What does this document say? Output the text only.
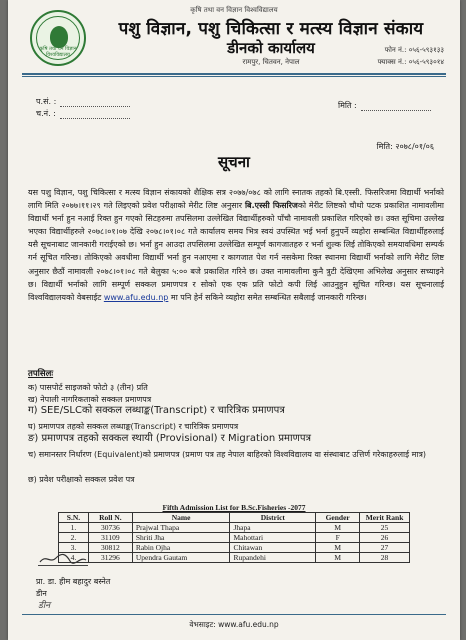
कृषि तथा वन विज्ञान विश्वविद्यालय
कृषि तथा वन विज्ञान विश्वविद्यालय
पशु विज्ञान, पशु चिकित्सा र मत्स्य विज्ञान संकाय
डीनको कार्यालय
रामपुर, चितवन, नेपाल
फोन नं.: ०५६-५९३१३३
फ्याक्स नं.: ०५६-५९३०१४
प.सं. :
च.नं. :
मिति :
मिति: २०७८/०१/०६
सूचना
यस पशु विज्ञान, पशु चिकित्सा र मत्स्य विज्ञान संकायको शैक्षिक सत्र २०७७/०७८ को लागि स्नातक तहको बि.एस्सी. फिसरिजमा विद्यार्थी भर्नाको लागि मिति २०७७।११।२९ गते लिइएको प्रवेश परीक्षाको मेरीट लिष्ट अनुसार बि.एस्सी फिसरिजको मेरीट लिष्टको चौथो पटक प्रकाशित नामावलीमा विद्यार्थी भर्ना हुन नआई रिक्त हुन गएको सिटहरुमा तपसिलमा उल्लेखित विद्यार्थीहरुको पाँचौ नामावली प्रकाशित गरिएको छ। उक्त सूचिमा उल्लेख भएका विद्यार्थीहरुले २०७८।०१।०७ देखि २०७८।०१।०८ गते कार्यालय समय भित्र स्वयं उपस्थित भई भर्ना हुनुपर्ने व्यहोरा सम्बन्धित विद्यार्थीहरुलाई यसै सूचनाबाट जानकारी गराईएको छ। भर्ना हुन आउदा तपसिलमा उल्लेखित सम्पूर्ण कागजातहरु र भर्ना शुल्क लिई तोकिएको समयावधिमा सम्पर्क गर्न सूचित गरिन्छ। तोकिएको अवधीमा विद्यार्थी भर्ना हुन नआएमा र कागजात पेश गर्न नसकेमा रिक्त स्थानमा विद्यार्थी भर्नाको लागि मेरीट लिष्ट अनुसार छैठौं नामावली २०७८।०१।०८ गते बेलुका ५:०० बजे प्रकाशित गरिने छ। उक्त नामावलीमा कुनै त्रुटी देखिएमा अभिलेख अनुसार सच्याइने छ। विद्यार्थी भर्नाको लागि सम्पूर्ण सक्कल प्रमाणपत्र र सोको एक एक प्रति फोटो कपी लिई आउनुहुन सूचित गरिन्छ। यस सूचनालाई विश्वविद्यालयको वेबसाईट www.afu.edu.np मा पनि हेर्न सकिने व्यहोरा समेत सम्बन्धित सबैलाई जानकारी गरिन्छ।
तपसिलः
क) पासपोर्ट साइजको फोटो ३ (तीन) प्रति
ख) नेपाली नागरिकताको सक्कल प्रमाणपत्र
ग) SEE/SLCको सक्कल लब्धाङ्क(Transcript) र चारित्रिक प्रमाणपत्र
घ) प्रमाणपत्र तहको सक्कल लब्धाङ्क(Transcript) र चारित्रिक प्रमाणपत्र
ङ) प्रमाणपत्र तहको सक्कल स्थायी (Provisional) र Migration प्रमाणपत्र
च) समानस्तर निर्धारण (Equivalent)को प्रमाणपत्र (प्रमाण पत्र तह नेपाल बाहिरको विश्वविद्यालय वा संस्थाबाट उत्तिर्ण गरेकाहरुलाई मात्र)
छ) प्रवेश परीक्षाको सक्कल प्रवेश पत्र
Fifth Admission List for B.Sc.Fisheries -2077
S.N.	Roll N.	Name	District	Gender	Merit Rank
1.	30736	Prajwal Thapa	Jhapa	M	25
2.	31109	Shriti Jha	Mahottari	F	26
3.	30812	Rabin Ojha	Chitawan	M	27
4.	31296	Upendra Gautam	Rupandehi	M	28
प्रा. डा. हीम बहादुर बस्नेत
डीन
डीन
वेभसाइट: www.afu.edu.np
